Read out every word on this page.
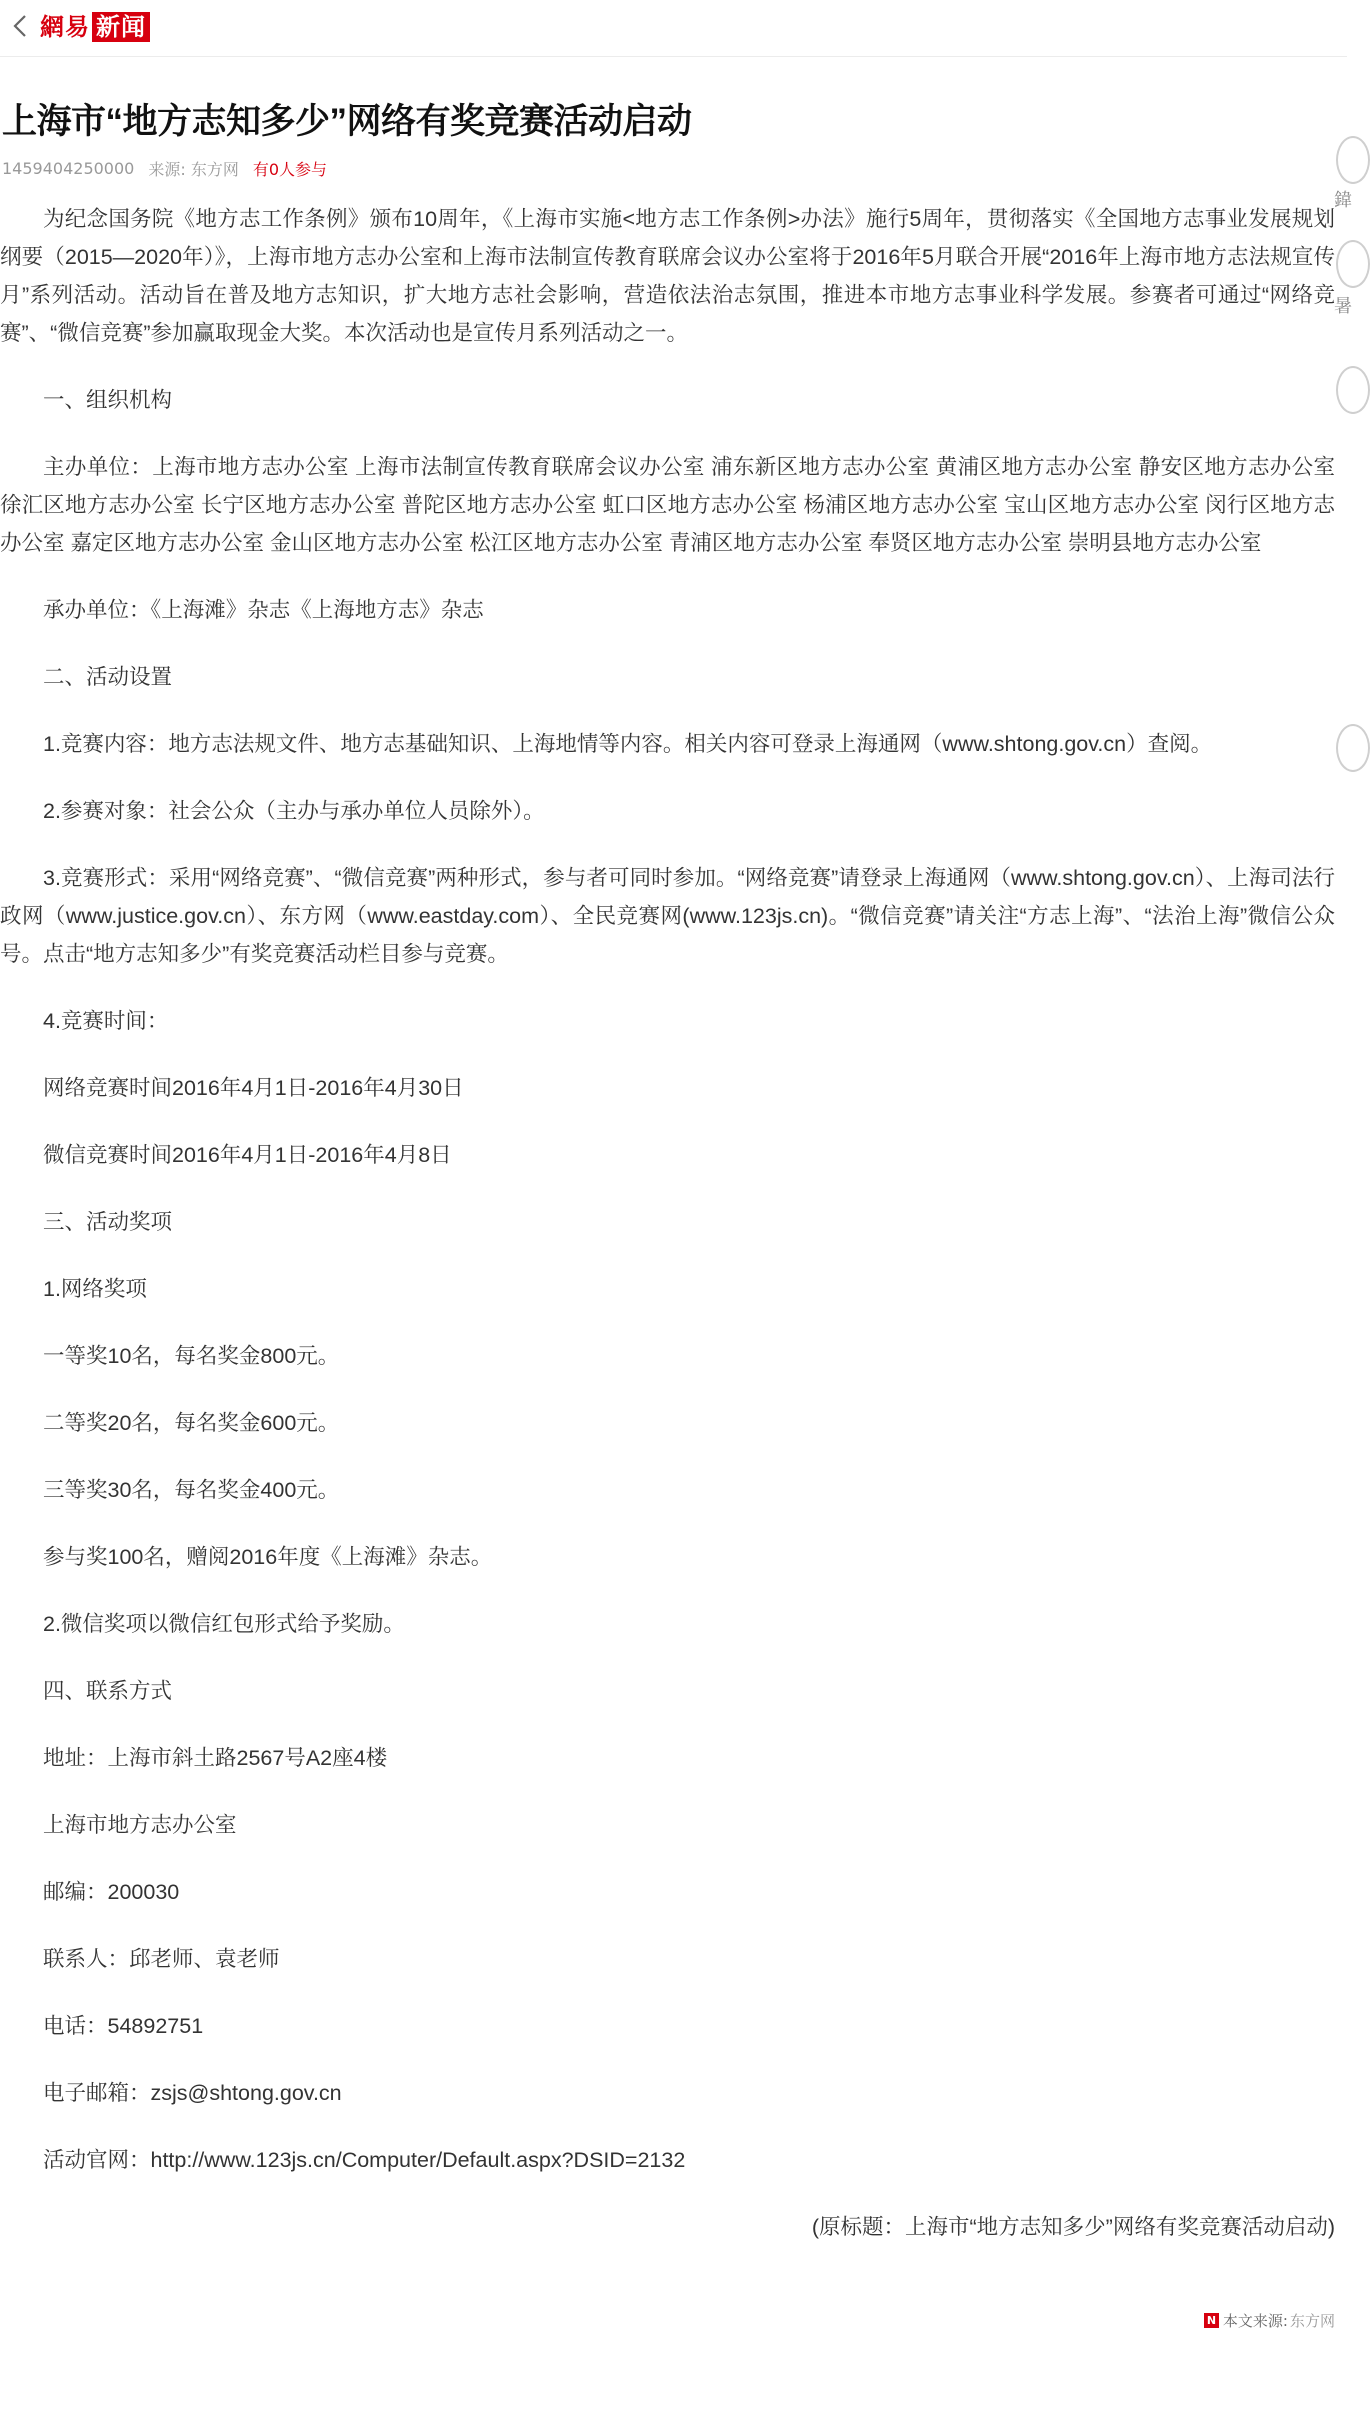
網易 新闻
鍏
暑
上海市“地方志知多少”网络有奖竞赛活动启动
1459404250000 来源: 东方网 有0人参与

为纪念国务院《地方志工作条例》颁布10周年，《上海市实施<地方志工作条例>办法》施行5周年，贯彻落实《全国地方志事业发展规划纲要（2015—2020年）》，上海市地方志办公室和上海市法制宣传教育联席会议办公室将于2016年5月联合开展“2016年上海市地方志法规宣传月”系列活动。活动旨在普及地方志知识，扩大地方志社会影响，营造依法治志氛围，推进本市地方志事业科学发展。参赛者可通过“网络竞赛”、“微信竞赛”参加赢取现金大奖。本次活动也是宣传月系列活动之一。

一、组织机构

主办单位：上海市地方志办公室 上海市法制宣传教育联席会议办公室 浦东新区地方志办公室 黄浦区地方志办公室 静安区地方志办公室 徐汇区地方志办公室 长宁区地方志办公室 普陀区地方志办公室 虹口区地方志办公室 杨浦区地方志办公室 宝山区地方志办公室 闵行区地方志办公室 嘉定区地方志办公室 金山区地方志办公室 松江区地方志办公室 青浦区地方志办公室 奉贤区地方志办公室 崇明县地方志办公室

承办单位：《上海滩》杂志《上海地方志》杂志

二、活动设置

1.竞赛内容：地方志法规文件、地方志基础知识、上海地情等内容。相关内容可登录上海通网（www.shtong.gov.cn）查阅。

2.参赛对象：社会公众（主办与承办单位人员除外）。

3.竞赛形式：采用“网络竞赛”、“微信竞赛”两种形式，参与者可同时参加。“网络竞赛”请登录上海通网（www.shtong.gov.cn）、上海司法行政网（www.justice.gov.cn）、东方网（www.eastday.com）、全民竞赛网(www.123js.cn)。“微信竞赛”请关注“方志上海”、“法治上海”微信公众号。点击“地方志知多少”有奖竞赛活动栏目参与竞赛。

4.竞赛时间：

网络竞赛时间2016年4月1日-2016年4月30日

微信竞赛时间2016年4月1日-2016年4月8日

三、活动奖项

1.网络奖项

一等奖10名，每名奖金800元。

二等奖20名，每名奖金600元。

三等奖30名，每名奖金400元。

参与奖100名，赠阅2016年度《上海滩》杂志。

2.微信奖项以微信红包形式给予奖励。

四、联系方式

地址：上海市斜土路2567号A2座4楼

上海市地方志办公室

邮编：200030

联系人：邱老师、袁老师

电话：54892751

电子邮箱：zsjs@shtong.gov.cn

活动官网：http://www.123js.cn/Computer/Default.aspx?DSID=2132

(原标题：上海市“地方志知多少”网络有奖竞赛活动启动)

N 本文来源: 东方网
